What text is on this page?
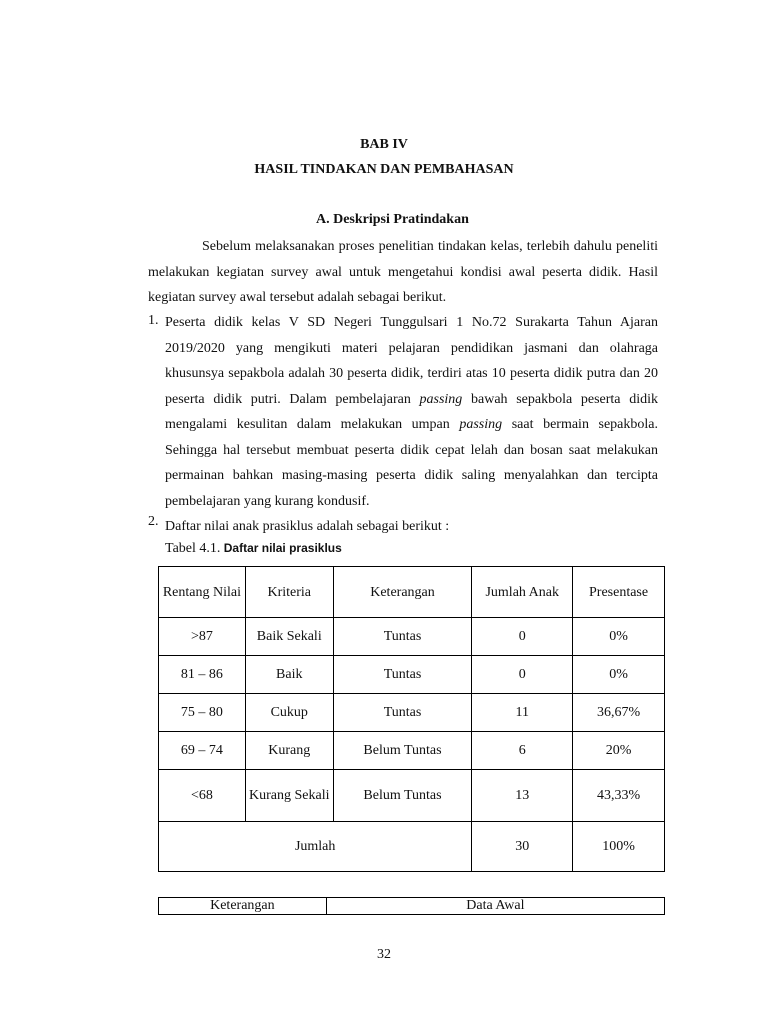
BAB IV
HASIL TINDAKAN DAN PEMBAHASAN
A. Deskripsi Pratindakan

Sebelum melaksanakan proses penelitian tindakan kelas, terlebih dahulu peneliti melakukan kegiatan survey awal untuk mengetahui kondisi awal peserta didik. Hasil kegiatan survey awal tersebut adalah sebagai berikut.

1. Peserta didik kelas V SD Negeri Tunggulsari 1 No.72 Surakarta Tahun Ajaran 2019/2020 yang mengikuti materi pelajaran pendidikan jasmani dan olahraga khusunsya sepakbola adalah 30 peserta didik, terdiri atas 10 peserta didik putra dan 20 peserta didik putri. Dalam pembelajaran passing bawah sepakbola peserta didik mengalami kesulitan dalam melakukan umpan passing saat bermain sepakbola. Sehingga hal tersebut membuat peserta didik cepat lelah dan bosan saat melakukan permainan bahkan masing-masing peserta didik saling menyalahkan dan tercipta pembelajaran yang kurang kondusif.

2. Daftar nilai anak prasiklus adalah sebagai berikut :

Tabel 4.1. Daftar nilai prasiklus
Rentang Nilai	Kriteria	Keterangan	Jumlah Anak	Presentase
>87	Baik Sekali	Tuntas	0	0%
81 – 86	Baik	Tuntas	0	0%
75 – 80	Cukup	Tuntas	11	36,67%
69 – 74	Kurang	Belum Tuntas	6	20%
<68	Kurang Sekali	Belum Tuntas	13	43,33%
Jumlah			30	100%
Keterangan	Data Awal
32
